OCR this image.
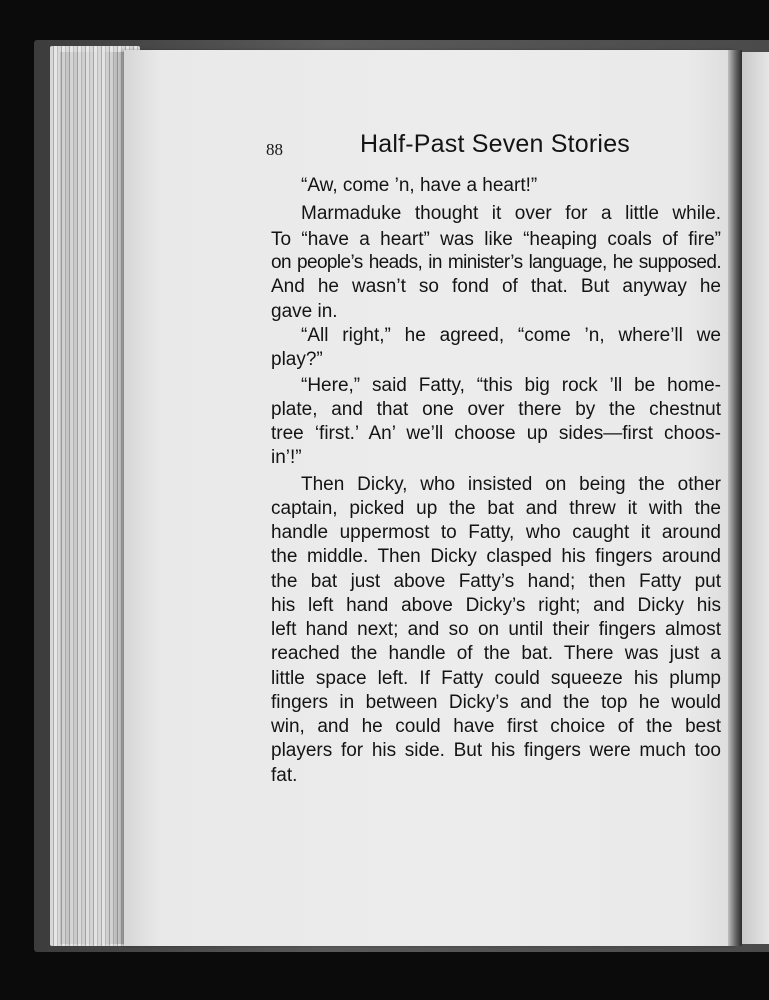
88	Half-Past Seven Stories
“Aw, come ’n, have a heart!”
Marmaduke thought it over for a little while.
To “have a heart” was like “heaping coals of fire”
on people’s heads, in minister’s language, he supposed.
And he wasn’t so fond of that. But anyway he
gave in.
“All right,” he agreed, “come ’n, where’ll we
play?”
“Here,” said Fatty, “this big rock ’ll be home-
plate, and that one over there by the chestnut
tree ‘first.’ An’ we’ll choose up sides—first choos-
in’!”
Then Dicky, who insisted on being the other
captain, picked up the bat and threw it with the
handle uppermost to Fatty, who caught it around
the middle. Then Dicky clasped his fingers around
the bat just above Fatty’s hand; then Fatty put
his left hand above Dicky’s right; and Dicky his
left hand next; and so on until their fingers almost
reached the handle of the bat. There was just a
little space left. If Fatty could squeeze his plump
fingers in between Dicky’s and the top he would
win, and he could have first choice of the best
players for his side. But his fingers were much too
fat.
